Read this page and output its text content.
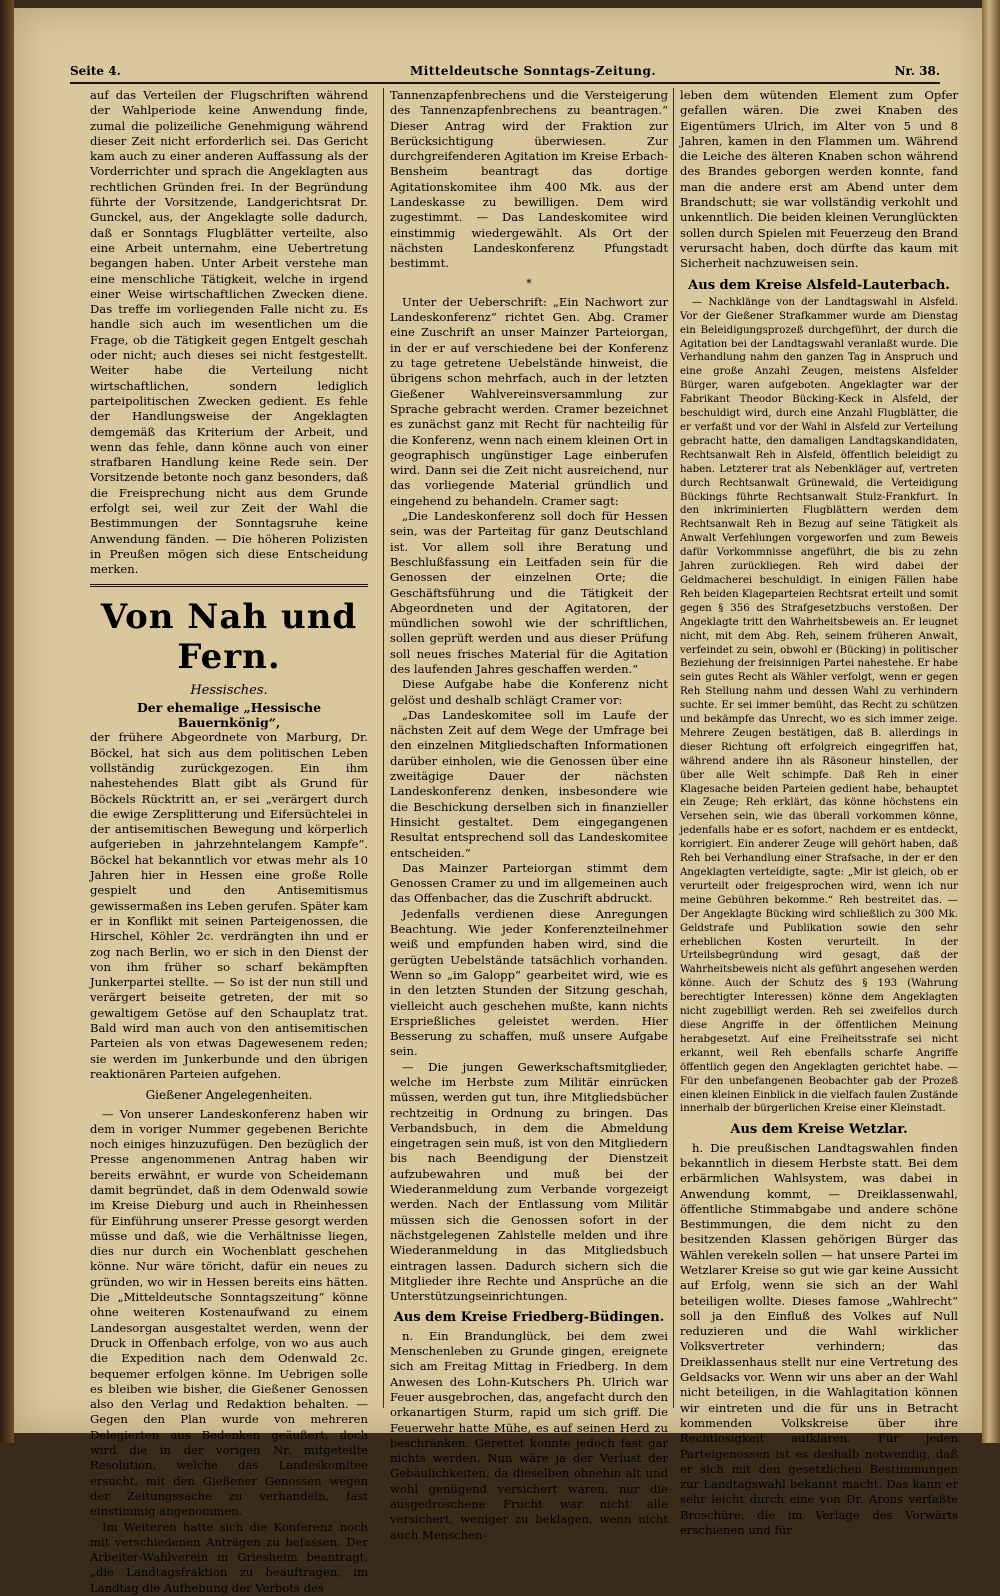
Seite 4.	Mitteldeutsche Sonntags-Zeitung.	Nr. 38.

auf das Verteilen der Flugschriften während der Wahlperiode keine Anwendung finde, zumal die polizeiliche Genehmigung während dieser Zeit nicht erforderlich sei. Das Gericht kam auch zu einer anderen Auffassung als der Vorderrichter und sprach die Angeklagten aus rechtlichen Gründen frei. In der Begründung führte der Vorsitzende, Landgerichtsrat Dr. Gunckel, aus, der Angeklagte solle dadurch, daß er Sonntags Flugblätter verteilte, also eine Arbeit unternahm, eine Uebertretung begangen haben. Unter Arbeit verstehe man eine menschliche Tätigkeit, welche in irgend einer Weise wirtschaftlichen Zwecken diene. Das treffe im vorliegenden Falle nicht zu. Es handle sich auch im wesentlichen um die Frage, ob die Tätigkeit gegen Entgelt geschah oder nicht; auch dieses sei nicht festgestellt. Weiter habe die Verteilung nicht wirtschaftlichen, sondern lediglich parteipolitischen Zwecken gedient. Es fehle der Handlungsweise der Angeklagten demgemäß das Kriterium der Arbeit, und wenn das fehle, dann könne auch von einer strafbaren Handlung keine Rede sein. Der Vorsitzende betonte noch ganz besonders, daß die Freisprechung nicht aus dem Grunde erfolgt sei, weil zur Zeit der Wahl die Bestimmungen der Sonntagsruhe keine Anwendung fänden. — Die höheren Polizisten in Preußen mögen sich diese Entscheidung merken.

Von Nah und Fern.
Hessisches.
Der ehemalige „Hessische Bauernkönig“,

der frühere Abgeordnete von Marburg, Dr. Böckel, hat sich aus dem politischen Leben vollständig zurückgezogen. Ein ihm nahestehendes Blatt gibt als Grund für Böckels Rücktritt an, er sei „verärgert durch die ewige Zersplitterung und Eifersüchtelei in der antisemitischen Bewegung und körperlich aufgerieben in jahrzehntelangem Kampfe“. Böckel hat bekanntlich vor etwas mehr als 10 Jahren hier in Hessen eine große Rolle gespielt und den Antisemitismus gewissermaßen ins Leben gerufen. Später kam er in Konflikt mit seinen Parteigenossen, die Hirschel, Köhler 2c. verdrängten ihn und er zog nach Berlin, wo er sich in den Dienst der von ihm früher so scharf bekämpften Junkerpartei stellte. — So ist der nun still und verärgert beiseite getreten, der mit so gewaltigem Getöse auf den Schauplatz trat. Bald wird man auch von den antisemitischen Parteien als von etwas Dagewesenem reden; sie werden im Junkerbunde und den übrigen reaktionären Parteien aufgehen.

Gießener Angelegenheiten.

— Von unserer Landeskonferenz haben wir dem in voriger Nummer gegebenen Berichte noch einiges hinzuzufügen. Den bezüglich der Presse angenommenen Antrag haben wir bereits erwähnt, er wurde von Scheidemann damit begründet, daß in dem Odenwald sowie im Kreise Dieburg und auch in Rheinhessen für Einführung unserer Presse gesorgt werden müsse und daß, wie die Verhältnisse liegen, dies nur durch ein Wochenblatt geschehen könne. Nur wäre töricht, dafür ein neues zu gründen, wo wir in Hessen bereits eins hätten. Die „Mitteldeutsche Sonntagszeitung“ könne ohne weiteren Kostenaufwand zu einem Landesorgan ausgestaltet werden, wenn der Druck in Offenbach erfolge, von wo aus auch die Expedition nach dem Odenwald 2c. bequemer erfolgen könne. Im Uebrigen solle es bleiben wie bisher, die Gießener Genossen also den Verlag und Redaktion behalten. — Gegen den Plan wurde von mehreren Delegierten aus Bedenken geäußert, doch wird die in der vorigen Nr. mitgeteilte Resolution, welche das Landeskomitee ersucht, mit den Gießener Genossen wegen der Zeitungssache zu verhandeln, fast einstimmig angenommen.

Im Weiteren hatte sich die Konferenz noch mit verschiedenen Anträgen zu befassen. Der Arbeiter-Wahlverein in Griesheim beantragt, „die Landtagsfraktion zu beauftragen, im Landtag die Aufhebung der Verbots des

Tannenzapfenbrechens und die Versteigerung des Tannenzapfenbrechens zu beantragen.“ Dieser Antrag wird der Fraktion zur Berücksichtigung überwiesen. Zur durchgreifenderen Agitation im Kreise Erbach-Bensheim beantragt das dortige Agitationskomitee ihm 400 Mk. aus der Landeskasse zu bewilligen. Dem wird zugestimmt. — Das Landeskomitee wird einstimmig wiedergewählt. Als Ort der nächsten Landeskonferenz Pfungstadt bestimmt.

*

Unter der Ueberschrift: „Ein Nachwort zur Landeskonferenz“ richtet Gen. Abg. Cramer eine Zuschrift an unser Mainzer Parteiorgan, in der er auf verschiedene bei der Konferenz zu tage getretene Uebelstände hinweist, die übrigens schon mehrfach, auch in der letzten Gießener Wahlvereinsversammlung zur Sprache gebracht werden. Cramer bezeichnet es zunächst ganz mit Recht für nachteilig für die Konferenz, wenn nach einem kleinen Ort in geographisch ungünstiger Lage einberufen wird. Dann sei die Zeit nicht ausreichend, nur das vorliegende Material gründlich und eingehend zu behandeln. Cramer sagt:

„Die Landeskonferenz soll doch für Hessen sein, was der Parteitag für ganz Deutschland ist. Vor allem soll ihre Beratung und Beschlußfassung ein Leitfaden sein für die Genossen der einzelnen Orte; die Geschäftsführung und die Tätigkeit der Abgeordneten und der Agitatoren, der mündlichen sowohl wie der schriftlichen, sollen geprüft werden und aus dieser Prüfung soll neues frisches Material für die Agitation des laufenden Jahres geschaffen werden.“

Diese Aufgabe habe die Konferenz nicht gelöst und deshalb schlägt Cramer vor:

„Das Landeskomitee soll im Laufe der nächsten Zeit auf dem Wege der Umfrage bei den einzelnen Mitgliedschaften Informationen darüber einholen, wie die Genossen über eine zweitägige Dauer der nächsten Landeskonferenz denken, insbesondere wie die Beschickung derselben sich in finanzieller Hinsicht gestaltet. Dem eingegangenen Resultat entsprechend soll das Landeskomitee entscheiden.“

Das Mainzer Parteiorgan stimmt dem Genossen Cramer zu und im allgemeinen auch das Offenbacher, das die Zuschrift abdruckt.

Jedenfalls verdienen diese Anregungen Beachtung. Wie jeder Konferenzteilnehmer weiß und empfunden haben wird, sind die gerügten Uebelstände tatsächlich vorhanden. Wenn so „im Galopp“ gearbeitet wird, wie es in den letzten Stunden der Sitzung geschah, vielleicht auch geschehen mußte, kann nichts Ersprießliches geleistet werden. Hier Besserung zu schaffen, muß unsere Aufgabe sein.

— Die jungen Gewerkschaftsmitglieder, welche im Herbste zum Militär einrücken müssen, werden gut tun, ihre Mitgliedsbücher rechtzeitig in Ordnung zu bringen. Das Verbandsbuch, in dem die Abmeldung eingetragen sein muß, ist von den Mitgliedern bis nach Beendigung der Dienstzeit aufzubewahren und muß bei der Wiederanmeldung zum Verbande vorgezeigt werden. Nach der Entlassung vom Militär müssen sich die Genossen sofort in der nächstgelegenen Zahlstelle melden und ihre Wiederanmeldung in das Mitgliedsbuch eintragen lassen. Dadurch sichern sich die Mitglieder ihre Rechte und Ansprüche an die Unterstützungseinrichtungen.

Aus dem Kreise Friedberg-Büdingen.

n. Ein Brandunglück, bei dem zwei Menschenleben zu Grunde gingen, ereignete sich am Freitag Mittag in Friedberg. In dem Anwesen des Lohn-Kutschers Ph. Ulrich war Feuer ausgebrochen, das, angefacht durch den orkanartigen Sturm, rapid um sich griff. Die Feuerwehr hatte Mühe, es auf seinen Herd zu beschränken. Gerettet konnte jedoch fast gar nichts werden. Nun wäre ja der Verlust der Gebäulichkeiten, da dieselben ohnehin alt und wohl genügend versichert waren, nur die ausgedroschene Frucht war nicht alle versichert, weniger zu beklagen, wenn nicht auch Menschen-

leben dem wütenden Element zum Opfer gefallen wären. Die zwei Knaben des Eigentümers Ulrich, im Alter von 5 und 8 Jahren, kamen in den Flammen um. Während die Leiche des älteren Knaben schon während des Brandes geborgen werden konnte, fand man die andere erst am Abend unter dem Brandschutt; sie war vollständig verkohlt und unkenntlich. Die beiden kleinen Verunglückten sollen durch Spielen mit Feuerzeug den Brand verursacht haben, doch dürfte das kaum mit Sicherheit nachzuweisen sein.

Aus dem Kreise Alsfeld-Lauterbach.

— Nachklänge von der Landtagswahl in Alsfeld. Vor der Gießener Strafkammer wurde am Dienstag ein Beleidigungsprozeß durchgeführt, der durch die Agitation bei der Landtagswahl veranlaßt wurde. Die Verhandlung nahm den ganzen Tag in Anspruch und eine große Anzahl Zeugen, meistens Alsfelder Bürger, waren aufgeboten. Angeklagter war der Fabrikant Theodor Bücking-Keck in Alsfeld, der beschuldigt wird, durch eine Anzahl Flugblätter, die er verfaßt und vor der Wahl in Alsfeld zur Verteilung gebracht hatte, den damaligen Landtagskandidaten, Rechtsanwalt Reh in Alsfeld, öffentlich beleidigt zu haben. Letzterer trat als Nebenkläger auf, vertreten durch Rechtsanwalt Grünewald, die Verteidigung Bückings führte Rechtsanwalt Stulz-Frankfurt. In den inkriminierten Flugblättern werden dem Rechtsanwalt Reh in Bezug auf seine Tätigkeit als Anwalt Verfehlungen vorgeworfen und zum Beweis dafür Vorkommnisse angeführt, die bis zu zehn Jahren zurückliegen. Reh wird dabei der Geldmacherei beschuldigt. In einigen Fällen habe Reh beiden Klageparteien Rechtsrat erteilt und somit gegen § 356 des Strafgesetzbuchs verstoßen. Der Angeklagte tritt den Wahrheitsbeweis an. Er leugnet nicht, mit dem Abg. Reh, seinem früheren Anwalt, verfeindet zu sein, obwohl er (Bücking) in politischer Beziehung der freisinnigen Partei nahestehe. Er habe sein gutes Recht als Wähler verfolgt, wenn er gegen Reh Stellung nahm und dessen Wahl zu verhindern suchte. Er sei immer bemüht, das Recht zu schützen und bekämpfe das Unrecht, wo es sich immer zeige. Mehrere Zeugen bestätigen, daß B. allerdings in dieser Richtung oft erfolgreich eingegriffen hat, während andere ihn als Räsoneur hinstellen, der über alle Welt schimpfe. Daß Reh in einer Klagesache beiden Parteien gedient habe, behauptet ein Zeuge; Reh erklärt, das könne höchstens ein Versehen sein, wie das überall vorkommen könne, jedenfalls habe er es sofort, nachdem er es entdeckt, korrigiert. Ein anderer Zeuge will gehört haben, daß Reh bei Verhandlung einer Strafsache, in der er den Angeklagten verteidigte, sagte: „Mir ist gleich, ob er verurteilt oder freigesprochen wird, wenn ich nur meine Gebühren bekomme.“ Reh bestreitet das. — Der Angeklagte Bücking wird schließlich zu 300 Mk. Geldstrafe und Publikation sowie den sehr erheblichen Kosten verurteilt. In der Urteilsbegründung wird gesagt, daß der Wahrheitsbeweis nicht als geführt angesehen werden könne. Auch der Schutz des § 193 (Wahrung berechtigter Interessen) könne dem Angeklagten nicht zugebilligt werden. Reh sei zweifellos durch diese Angriffe in der öffentlichen Meinung herabgesetzt. Auf eine Freiheitsstrafe sei nicht erkannt, weil Reh ebenfalls scharfe Angriffe öffentlich gegen den Angeklagten gerichtet habe. — Für den unbefangenen Beobachter gab der Prozeß einen kleinen Einblick in die vielfach faulen Zustände innerhalb der bürgerlichen Kreise einer Kleinstadt.

Aus dem Kreise Wetzlar.

h. Die preußischen Landtagswahlen finden bekanntlich in diesem Herbste statt. Bei dem erbärmlichen Wahlsystem, was dabei in Anwendung kommt, — Dreiklassenwahl, öffentliche Stimmabgabe und andere schöne Bestimmungen, die dem nicht zu den besitzenden Klassen gehörigen Bürger das Wählen verekeln sollen — hat unsere Partei im Wetzlarer Kreise so gut wie gar keine Aussicht auf Erfolg, wenn sie sich an der Wahl beteiligen wollte. Dieses famose „Wahlrecht“ soll ja den Einfluß des Volkes auf Null reduzieren und die Wahl wirklicher Volksvertreter verhindern; das Dreiklassenhaus stellt nur eine Vertretung des Geldsacks vor. Wenn wir uns aber an der Wahl nicht beteiligen, in die Wahlagitation können wir eintreten und die für uns in Betracht kommenden Volkskreise über ihre Rechtlosigkeit aufklären. Für jeden Parteigenossen ist es deshalb notwendig, daß er sich mit den gesetzlichen Bestimmungen zur Landtagswahl bekannt macht. Das kann er sehr leicht durch eine von Dr. Arons verfaßte Broschüre, die im Verlage des Vorwärts erschienen und für
